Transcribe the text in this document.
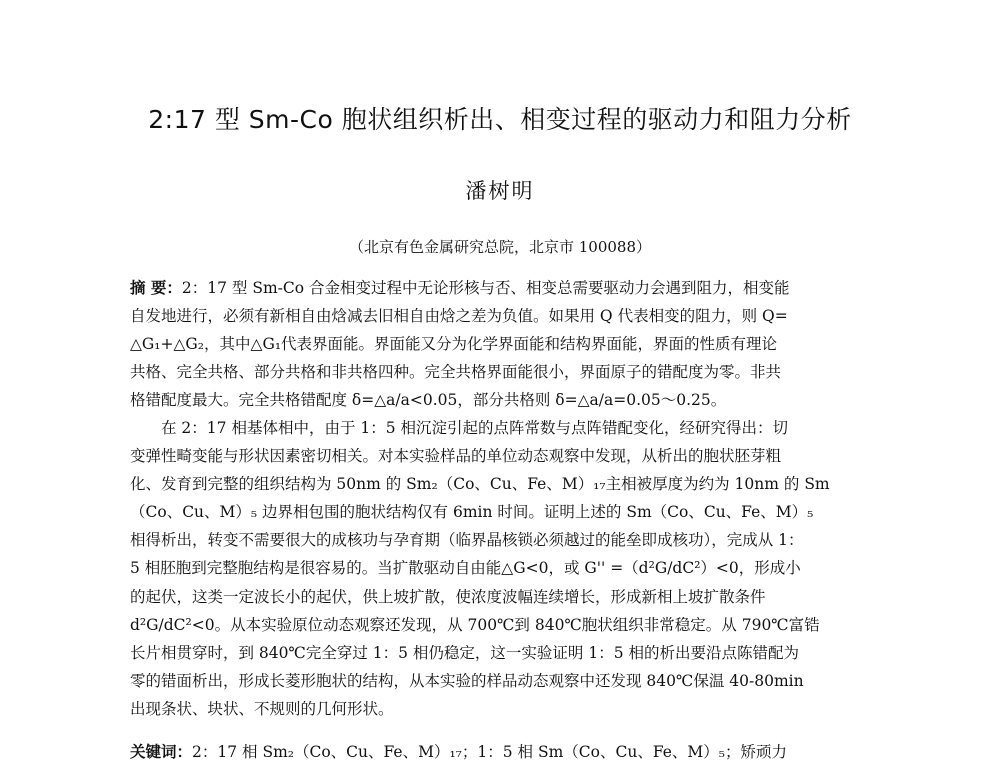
2:17 型 Sm-Co 胞状组织析出、相变过程的驱动力和阻力分析
潘树明
（北京有色金属研究总院，北京市 100088）
摘 要：2：17 型 Sm-Co 合金相变过程中无论形核与否、相变总需要驱动力会遇到阻力，相变能
自发地进行，必须有新相自由焓减去旧相自由焓之差为负值。如果用 Q 代表相变的阻力，则 Q=
△G₁+△G₂，其中△G₁代表界面能。界面能又分为化学界面能和结构界面能，界面的性质有理论
共格、完全共格、部分共格和非共格四种。完全共格界面能很小，界面原子的错配度为零。非共
格错配度最大。完全共格错配度 δ=△a/a<0.05，部分共格则 δ=△a/a=0.05～0.25。
在 2：17 相基体相中，由于 1：5 相沉淀引起的点阵常数与点阵错配变化，经研究得出：切
变弹性畸变能与形状因素密切相关。对本实验样品的单位动态观察中发现，从析出的胞状胚芽粗
化、发育到完整的组织结构为 50nm 的 Sm₂（Co、Cu、Fe、M）₁₇主相被厚度为约为 10nm 的 Sm
（Co、Cu、M）₅ 边界相包围的胞状结构仅有 6min 时间。证明上述的 Sm（Co、Cu、Fe、M）₅
相得析出，转变不需要很大的成核功与孕育期（临界晶核锁必须越过的能垒即成核功），完成从 1：
5 相胚胞到完整胞结构是很容易的。当扩散驱动自由能△G<0，或 G'' =（d²G/dC²）<0，形成小
的起伏，这类一定波长小的起伏，供上坡扩散，使浓度波幅连续增长，形成新相上坡扩散条件
d²G/dC²<0。从本实验原位动态观察还发现，从 700℃到 840℃胞状组织非常稳定。从 790℃富锆
长片相贯穿时，到 840℃完全穿过 1：5 相仍稳定，这一实验证明 1：5 相的析出要沿点陈错配为
零的错面析出，形成长菱形胞状的结构，从本实验的样品动态观察中还发现 840℃保温 40-80min
出现条状、块状、不规则的几何形状。
关键词：2：17 相 Sm₂（Co、Cu、Fe、M）₁₇；1：5 相 Sm（Co、Cu、Fe、M）₅；矫顽力
